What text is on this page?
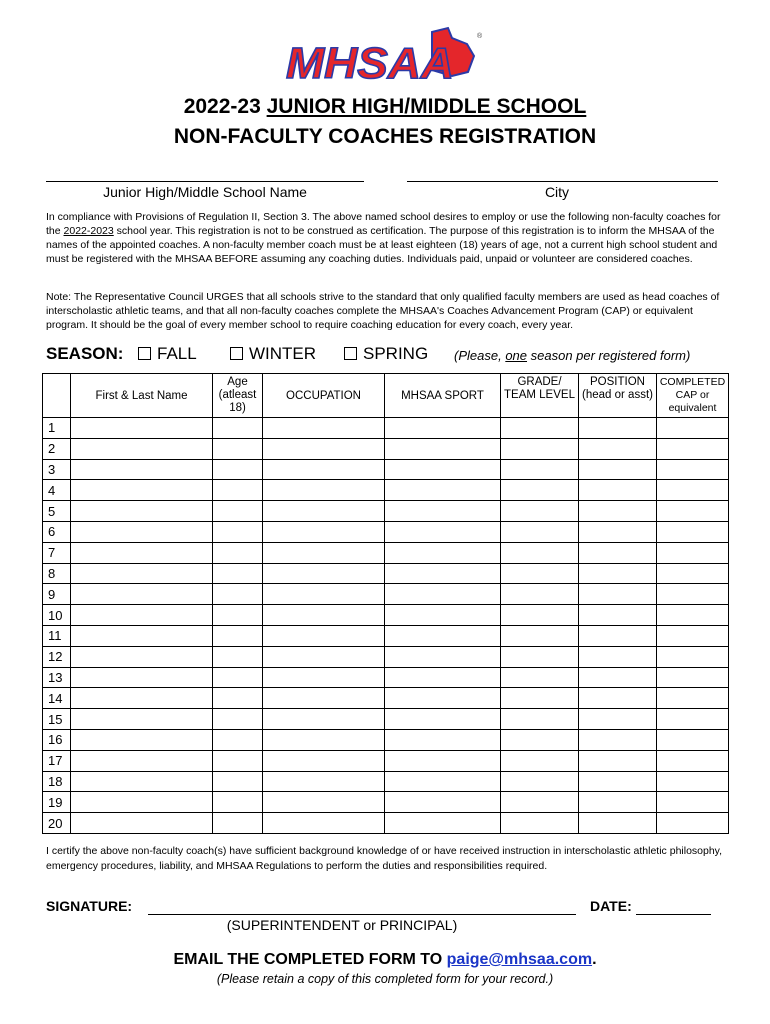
MHSAA
®
2022-23 JUNIOR HIGH/MIDDLE SCHOOL
NON-FACULTY COACHES REGISTRATION
Junior High/Middle School Name	City
In compliance with Provisions of Regulation II, Section 3. The above named school desires to employ or use the following non-faculty coaches for the 2022-2023 school year. This registration is not to be construed as certification. The purpose of this registration is to inform the MHSAA of the names of the appointed coaches. A non-faculty member coach must be at least eighteen (18) years of age, not a current high school student and must be registered with the MHSAA BEFORE assuming any coaching duties. Individuals paid, unpaid or volunteer are considered coaches.
Note: The Representative Council URGES that all schools strive to the standard that only qualified faculty members are used as head coaches of interscholastic athletic teams, and that all non-faculty coaches complete the MHSAA's Coaches Advancement Program (CAP) or equivalent program. It should be the goal of every member school to require coaching education for every coach, every year.
SEASON:	FALL	WINTER	SPRING (Please, one season per registered form)
	First & Last Name	Age (atleast 18)	OCCUPATION	MHSAA SPORT	GRADE/ TEAM LEVEL	POSITION (head or asst)	COMPLETED CAP or equivalent
1							
2							
3							
4							
5							
6							
7							
8							
9							
10							
11							
12							
13							
14							
15							
16							
17							
18							
19							
20							
I certify the above non-faculty coach(s) have sufficient background knowledge of or have received instruction in interscholastic athletic philosophy, emergency procedures, liability, and MHSAA Regulations to perform the duties and responsibilities required.
SIGNATURE:
(SUPERINTENDENT or PRINCIPAL)
DATE:
EMAIL THE COMPLETED FORM TO paige@mhsaa.com.
(Please retain a copy of this completed form for your record.)
